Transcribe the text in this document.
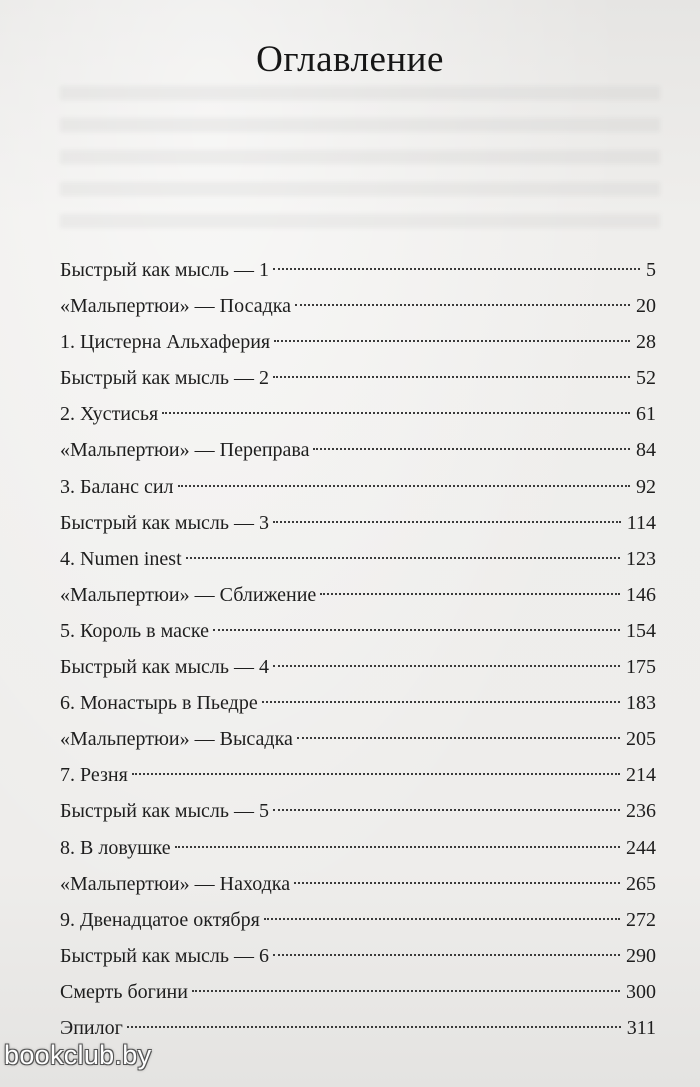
Оглавление
Быстрый как мысль — 1	5
«Мальпертюи» — Посадка	20
1. Цистерна Альхаферия	28
Быстрый как мысль — 2	52
2. Хустисья	61
«Мальпертюи» — Переправа	84
3. Баланс сил	92
Быстрый как мысль — 3	114
4. Numen inest	123
«Мальпертюи» — Сближение	146
5. Король в маске	154
Быстрый как мысль — 4	175
6. Монастырь в Пьедре	183
«Мальпертюи» — Высадка	205
7. Резня	214
Быстрый как мысль — 5	236
8. В ловушке	244
«Мальпертюи» — Находка	265
9. Двенадцатое октября	272
Быстрый как мысль — 6	290
Смерть богини	300
Эпилог	311
bookclub.by
